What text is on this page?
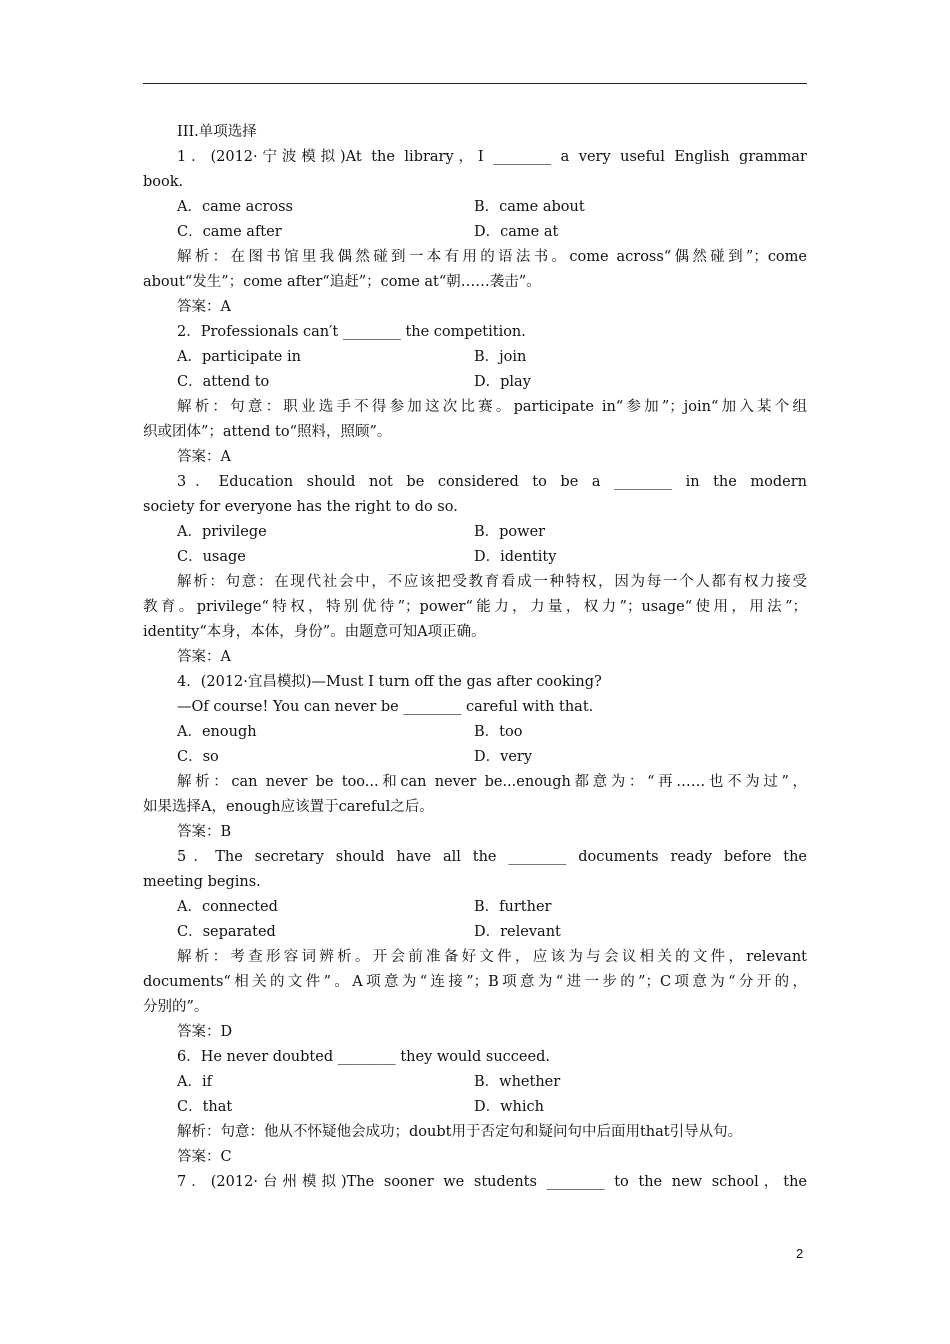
III.单项选择
1．(2012·宁波模拟)At the library，I ________ a very useful English grammar
book.
A．came across	B．came about
C．came after	D．came at
解析：在图书馆里我偶然碰到一本有用的语法书。come across“偶然碰到”；come
about“发生”；come after“追赶”；come at“朝……袭击”。
答案：A
2．Professionals can′t ________ the competition.
A．participate in	B．join
C．attend to	D．play
解析：句意：职业选手不得参加这次比赛。participate in“参加”；join“加入某个组
织或团体”；attend to“照料，照顾”。
答案：A
3．Education should not be considered to be a ________ in the modern
society for everyone has the right to do so.
A．privilege	B．power
C．usage	D．identity
解析：句意：在现代社会中，不应该把受教育看成一种特权，因为每一个人都有权力接受
教育。privilege“特权，特别优待”；power“能力，力量，权力”；usage“使用，用法”；
identity“本身，本体，身份”。由题意可知A项正确。
答案：A
4．(2012·宜昌模拟)—Must I turn off the gas after cooking?
—Of course! You can never be ________ careful with that.
A．enough	B．too
C．so	D．very
解析：can never be too...和can never be...enough都意为：“再……也不为过”，
如果选择A，enough应该置于careful之后。
答案：B
5．The secretary should have all the ________ documents ready before the
meeting begins.
A．connected	B．further
C．separated	D．relevant
解析：考查形容词辨析。开会前准备好文件，应该为与会议相关的文件，relevant
documents“相关的文件”。A项意为“连接”；B项意为“进一步的”；C项意为“分开的，
分别的”。
答案：D
6．He never doubted ________ they would succeed.
A．if	B．whether
C．that	D．which
解析：句意：他从不怀疑他会成功；doubt用于否定句和疑问句中后面用that引导从句。
答案：C
7．(2012·台州模拟)The sooner we students ________ to the new school，the
2
